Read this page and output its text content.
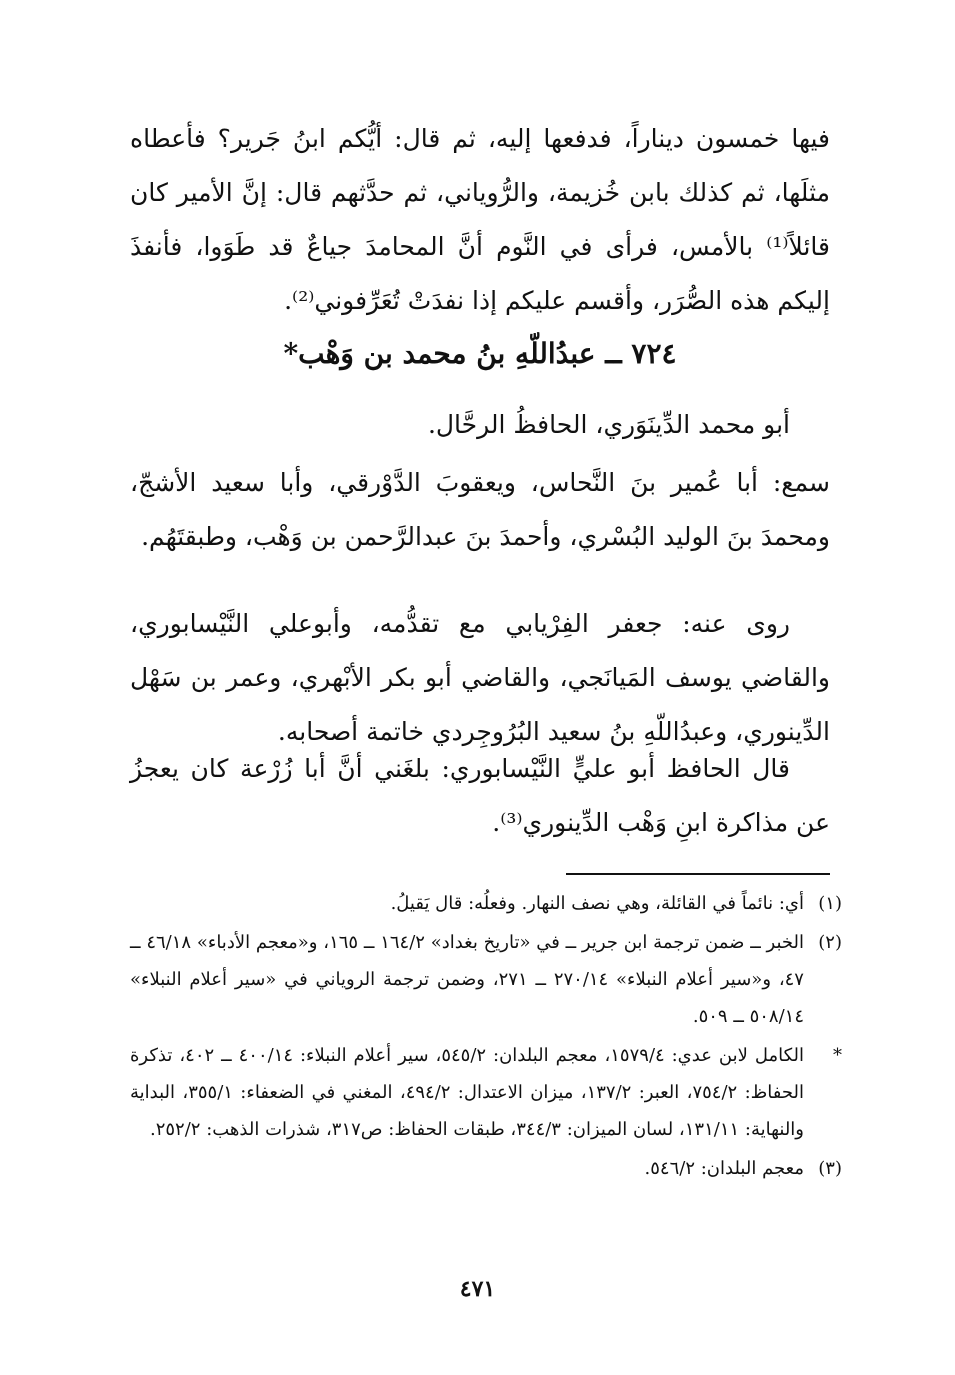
فيها خمسون ديناراً، فدفعها إليه، ثم قال: أيُّكم ابنُ جَرير؟ فأعطاه مثلَها، ثم كذلك بابن خُزيمة، والرُّوياني، ثم حدَّثهم قال: إنَّ الأمير كان قائلاً⁽¹⁾ بالأمس، فرأى في النَّوم أنَّ المحامدَ جياعٌ قد طَوَوا، فأنفذَ إليكم هذه الصُّرَر، وأقسم عليكم إذا نفدَتْ تُعَرِّفوني⁽²⁾.

٧٢٤ ــ عبدُاللّهِ بنُ محمد بن وَهْب*

أبو محمد الدِّينَوَري، الحافظُ الرحَّال.

سمع: أبا عُمير بنَ النَّحاس، ويعقوبَ الدَّوْرقي، وأبا سعيد الأشجّ، ومحمدَ بنَ الوليد البُسْري، وأحمدَ بنَ عبدالرَّحمن بن وَهْب، وطبقتَهُم.

روى عنه: جعفر الفِرْيابي مع تقدُّمه، وأبوعلي النَّيْسابوري، والقاضي يوسف المَيانَجي، والقاضي أبو بكر الأبْهري، وعمر بن سَهْل الدِّينوري، وعبدُاللّهِ بنُ سعيد البُرُوجِردي خاتمة أصحابه.

قال الحافظ أبو عليٍّ النَّيْسابوري: بلغَني أنَّ أبا زُرْعة كان يعجزُ عن مذاكرة ابنِ وَهْب الدِّينوري⁽³⁾.

(١)
أي: نائماً في القائلة، وهي نصف النهار. وفعلُه: قال يَقيلُ.
(٢)
الخبر ــ ضمن ترجمة ابن جرير ــ في «تاريخ بغداد» ١٦٤/٢ ــ ١٦٥، و«معجم الأدباء» ٤٦/١٨ ــ ٤٧، و«سير أعلام النبلاء» ٢٧٠/١٤ ــ ٢٧١، وضمن ترجمة الروياني في «سير أعلام النبلاء» ٥٠٨/١٤ ــ ٥٠٩.
*
الكامل لابن عدي: ١٥٧٩/٤، معجم البلدان: ٥٤٥/٢، سير أعلام النبلاء: ٤٠٠/١٤ ــ ٤٠٢، تذكرة الحفاظ: ٧٥٤/٢، العبر: ١٣٧/٢، ميزان الاعتدال: ٤٩٤/٢، المغني في الضعفاء: ٣٥٥/١، البداية والنهاية: ١٣١/١١، لسان الميزان: ٣٤٤/٣، طبقات الحفاظ: ص٣١٧، شذرات الذهب: ٢٥٢/٢.
(٣)
معجم البلدان: ٥٤٦/٢.
٤٧١
